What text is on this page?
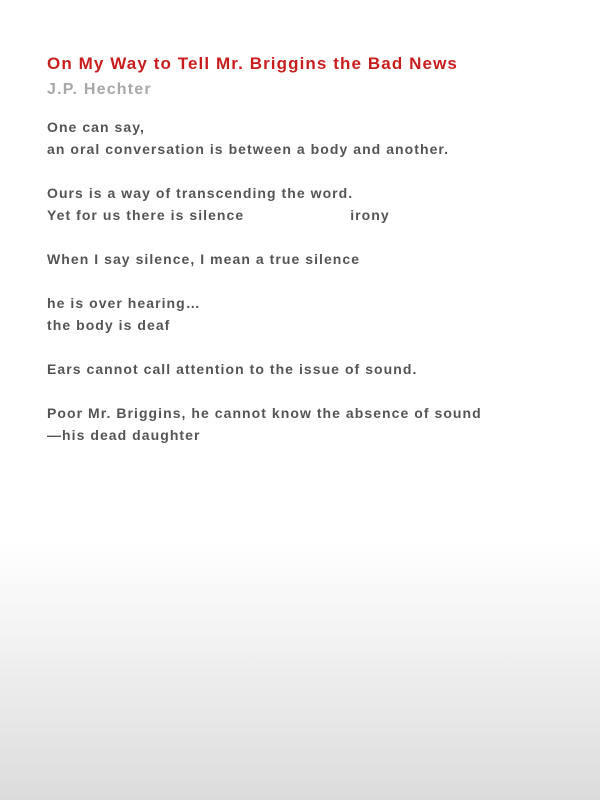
On My Way to Tell Mr. Briggins the Bad News
J.P. Hechter
One can say,
an oral conversation is between a body and another.
Ours is a way of transcending the word.
Yet for us there is silence	irony
When I say silence, I mean a true silence
he is over hearing…
the body is deaf
Ears cannot call attention to the issue of sound.
Poor Mr. Briggins, he cannot know the absence of sound
—his dead daughter
